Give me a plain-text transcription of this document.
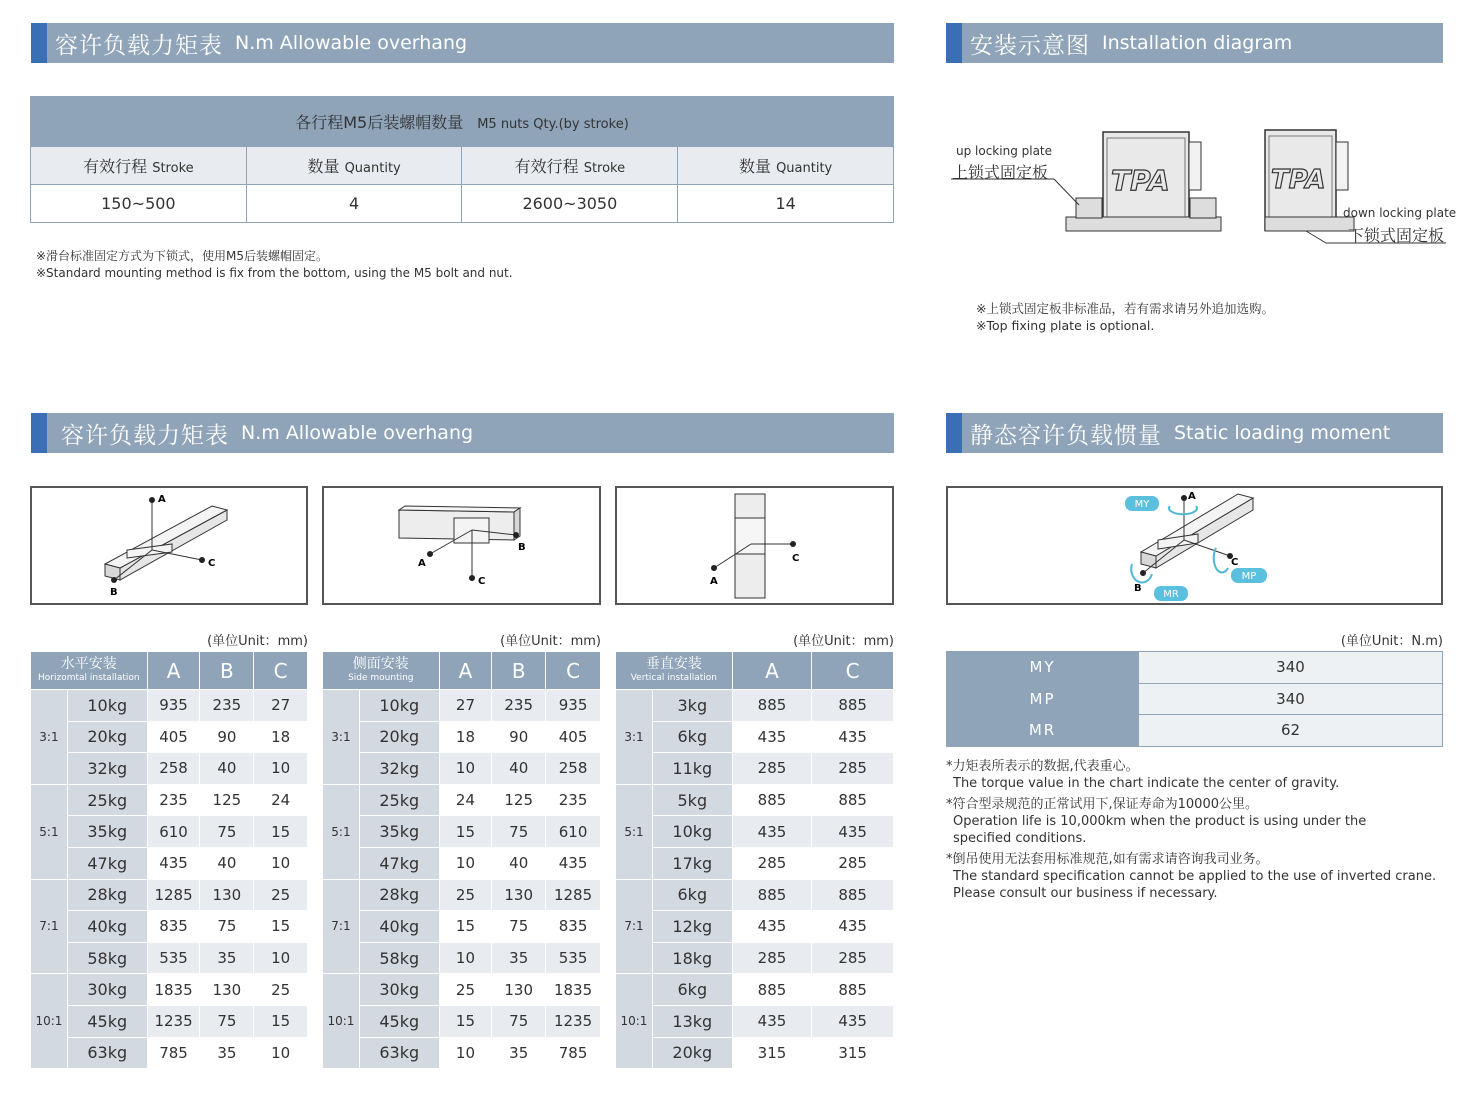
容许负载力矩表 N.m Allowable overhang	安装示意图 Installation diagram
各行程M5后装螺帽数量 M5 nuts Qty.(by stroke)			
有效行程 Stroke	数量 Quantity	有效行程 Stroke	数量 Quantity
150~500	4	2600~3050	14
※滑台标准固定方式为下锁式，使用M5后装螺帽固定。
※Standard mounting method is fix from the bottom, using the M5 bolt and nut.
TPA	TPA
up locking plate
上锁式固定板
down locking plate
下锁式固定板
※上锁式固定板非标准品，若有需求请另外追加选购。
※Top fixing plate is optional.
容许负载力矩表 N.m Allowable overhang	静态容许负载惯量 Static loading moment
A
C
B
A
C
B
C
A
A
C
B
MY
MP
MR
(单位Unit：mm)	(单位Unit：mm)	(单位Unit：mm)	(单位Unit：N.m)
水平安装
Horizomtal installation		A	B	C
3:1	10kg	935	235	27
	20kg	405	90	18
	32kg	258	40	10
5:1	25kg	235	125	24
	35kg	610	75	15
	47kg	435	40	10
7:1	28kg	1285	130	25
	40kg	835	75	15
	58kg	535	35	10
10:1	30kg	1835	130	25
	45kg	1235	75	15
	63kg	785	35	10
侧面安装
Side mounting		A	B	C
3:1	10kg	27	235	935
	20kg	18	90	405
	32kg	10	40	258
5:1	25kg	24	125	235
	35kg	15	75	610
	47kg	10	40	435
7:1	28kg	25	130	1285
	40kg	15	75	835
	58kg	10	35	535
10:1	30kg	25	130	1835
	45kg	15	75	1235
	63kg	10	35	785
垂直安装
Vertical installation		A	C
3:1	3kg	885	885
	6kg	435	435
	11kg	285	285
5:1	5kg	885	885
	10kg	435	435
	17kg	285	285
7:1	6kg	885	885
	12kg	435	435
	18kg	285	285
10:1	6kg	885	885
	13kg	435	435
	20kg	315	315
MY	340
MP	340
MR	62
*力矩表所表示的数据,代表重心。
The torque value in the chart indicate the center of gravity.
*符合型录规范的正常试用下,保证寿命为10000公里。
Operation life is 10,000km when the product is using under the
specified conditions.
*倒吊使用无法套用标准规范,如有需求请咨询我司业务。
The standard specification cannot be applied to the use of inverted crane.
Please consult our business if necessary.
